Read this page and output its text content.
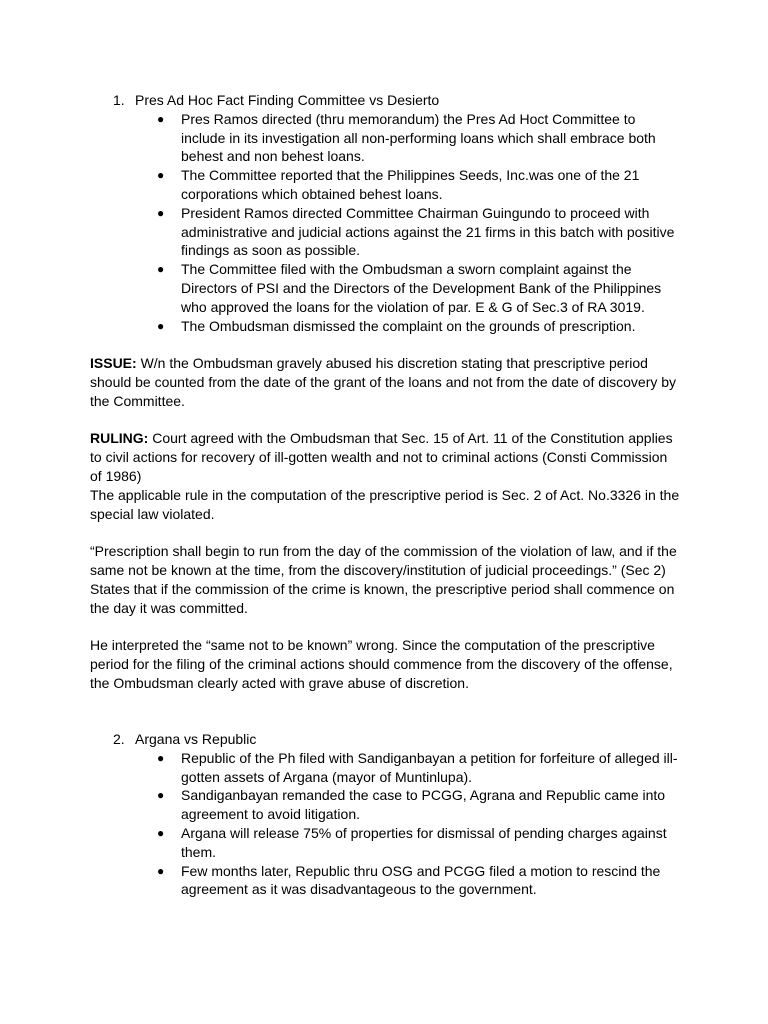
1. Pres Ad Hoc Fact Finding Committee vs Desierto
● Pres Ramos directed (thru memorandum) the Pres Ad Hoct Committee to include in its investigation all non-performing loans which shall embrace both behest and non behest loans.
● The Committee reported that the Philippines Seeds, Inc.was one of the 21 corporations which obtained behest loans.
● President Ramos directed Committee Chairman Guingundo to proceed with administrative and judicial actions against the 21 firms in this batch with positive findings as soon as possible.
● The Committee filed with the Ombudsman a sworn complaint against the Directors of PSI and the Directors of the Development Bank of the Philippines who approved the loans for the violation of par. E & G of Sec.3 of RA 3019.
● The Ombudsman dismissed the complaint on the grounds of prescription.

ISSUE: W/n the Ombudsman gravely abused his discretion stating that prescriptive period should be counted from the date of the grant of the loans and not from the date of discovery by the Committee.

RULING: Court agreed with the Ombudsman that Sec. 15 of Art. 11 of the Constitution applies to civil actions for recovery of ill-gotten wealth and not to criminal actions (Consti Commission of 1986)

The applicable rule in the computation of the prescriptive period is Sec. 2 of Act. No.3326 in the special law violated.

“Prescription shall begin to run from the day of the commission of the violation of law, and if the same not be known at the time, from the discovery/institution of judicial proceedings.” (Sec 2) States that if the commission of the crime is known, the prescriptive period shall commence on the day it was committed.

He interpreted the “same not to be known” wrong. Since the computation of the prescriptive period for the filing of the criminal actions should commence from the discovery of the offense, the Ombudsman clearly acted with grave abuse of discretion.

2. Argana vs Republic
● Republic of the Ph filed with Sandiganbayan a petition for forfeiture of alleged ill-gotten assets of Argana (mayor of Muntinlupa).
● Sandiganbayan remanded the case to PCGG, Agrana and Republic came into agreement to avoid litigation.
● Argana will release 75% of properties for dismissal of pending charges against them.
● Few months later, Republic thru OSG and PCGG filed a motion to rescind the agreement as it was disadvantageous to the government.
